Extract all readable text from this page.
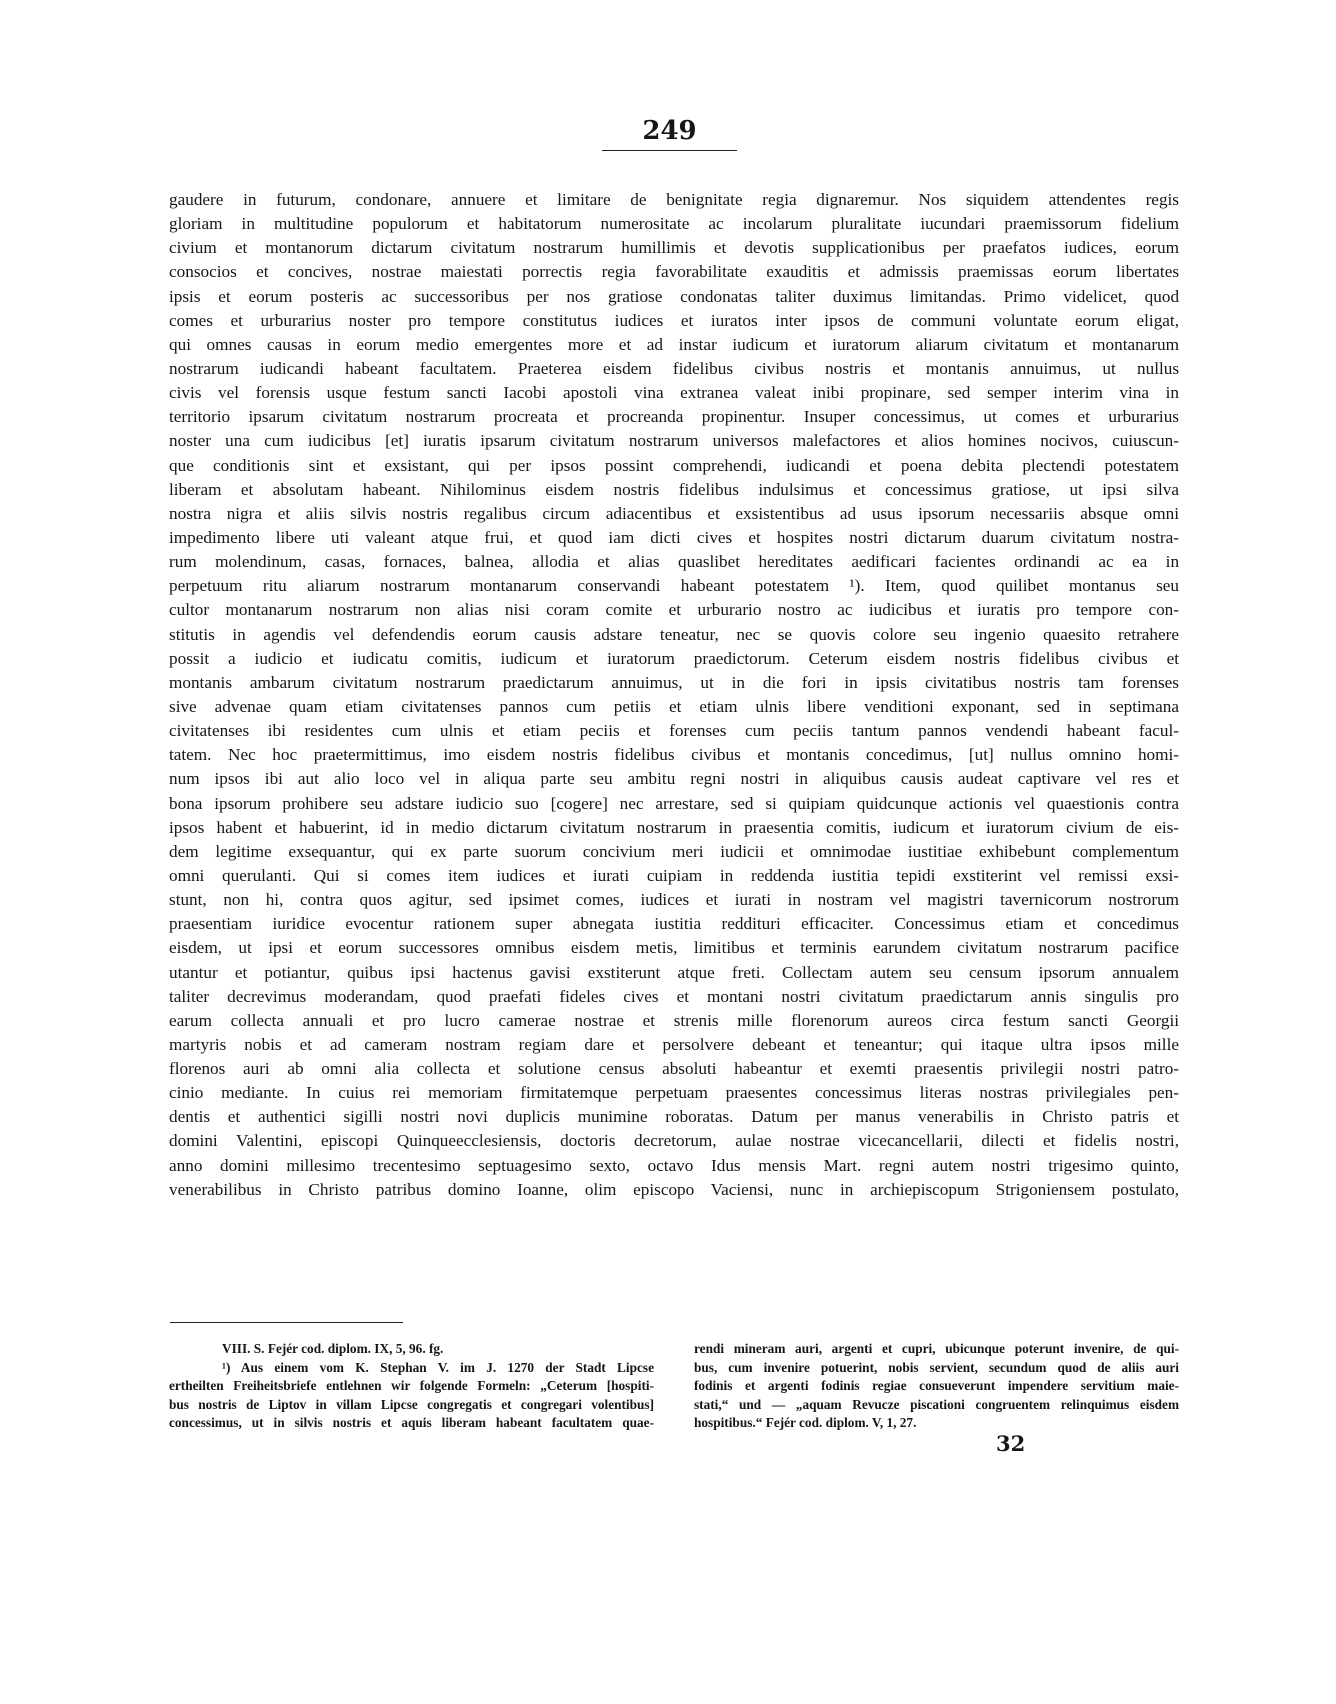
249
gaudere in futurum, condonare, annuere et limitare de benignitate regia dignaremur. Nos siquidem attendentes regis
gloriam in multitudine populorum et habitatorum numerositate ac incolarum pluralitate iucundari praemissorum fidelium
civium et montanorum dictarum civitatum nostrarum humillimis et devotis supplicationibus per praefatos iudices, eorum
consocios et concives, nostrae maiestati porrectis regia favorabilitate exauditis et admissis praemissas eorum libertates
ipsis et eorum posteris ac successoribus per nos gratiose condonatas taliter duximus limitandas. Primo videlicet, quod
comes et urburarius noster pro tempore constitutus iudices et iuratos inter ipsos de communi voluntate eorum eligat,
qui omnes causas in eorum medio emergentes more et ad instar iudicum et iuratorum aliarum civitatum et montanarum
nostrarum iudicandi habeant facultatem. Praeterea eisdem fidelibus civibus nostris et montanis annuimus, ut nullus
civis vel forensis usque festum sancti Iacobi apostoli vina extranea valeat inibi propinare, sed semper interim vina in
territorio ipsarum civitatum nostrarum procreata et procreanda propinentur. Insuper concessimus, ut comes et urburarius
noster una cum iudicibus [et] iuratis ipsarum civitatum nostrarum universos malefactores et alios homines nocivos, cuiuscun-
que conditionis sint et exsistant, qui per ipsos possint comprehendi, iudicandi et poena debita plectendi potestatem
liberam et absolutam habeant. Nihilominus eisdem nostris fidelibus indulsimus et concessimus gratiose, ut ipsi silva
nostra nigra et aliis silvis nostris regalibus circum adiacentibus et exsistentibus ad usus ipsorum necessariis absque omni
impedimento libere uti valeant atque frui, et quod iam dicti cives et hospites nostri dictarum duarum civitatum nostra-
rum molendinum, casas, fornaces, balnea, allodia et alias quaslibet hereditates aedificari facientes ordinandi ac ea in
perpetuum ritu aliarum nostrarum montanarum conservandi habeant potestatem ¹). Item, quod quilibet montanus seu
cultor montanarum nostrarum non alias nisi coram comite et urburario nostro ac iudicibus et iuratis pro tempore con-
stitutis in agendis vel defendendis eorum causis adstare teneatur, nec se quovis colore seu ingenio quaesito retrahere
possit a iudicio et iudicatu comitis, iudicum et iuratorum praedictorum. Ceterum eisdem nostris fidelibus civibus et
montanis ambarum civitatum nostrarum praedictarum annuimus, ut in die fori in ipsis civitatibus nostris tam forenses
sive advenae quam etiam civitatenses pannos cum petiis et etiam ulnis libere venditioni exponant, sed in septimana
civitatenses ibi residentes cum ulnis et etiam peciis et forenses cum peciis tantum pannos vendendi habeant facul-
tatem. Nec hoc praetermittimus, imo eisdem nostris fidelibus civibus et montanis concedimus, [ut] nullus omnino homi-
num ipsos ibi aut alio loco vel in aliqua parte seu ambitu regni nostri in aliquibus causis audeat captivare vel res et
bona ipsorum prohibere seu adstare iudicio suo [cogere] nec arrestare, sed si quipiam quidcunque actionis vel quaestionis contra
ipsos habent et habuerint, id in medio dictarum civitatum nostrarum in praesentia comitis, iudicum et iuratorum civium de eis-
dem legitime exsequantur, qui ex parte suorum concivium meri iudicii et omnimodae iustitiae exhibebunt complementum
omni querulanti. Qui si comes item iudices et iurati cuipiam in reddenda iustitia tepidi exstiterint vel remissi exsi-
stunt, non hi, contra quos agitur, sed ipsimet comes, iudices et iurati in nostram vel magistri tavernicorum nostrorum
praesentiam iuridice evocentur rationem super abnegata iustitia reddituri efficaciter. Concessimus etiam et concedimus
eisdem, ut ipsi et eorum successores omnibus eisdem metis, limitibus et terminis earundem civitatum nostrarum pacifice
utantur et potiantur, quibus ipsi hactenus gavisi exstiterunt atque freti. Collectam autem seu censum ipsorum annualem
taliter decrevimus moderandam, quod praefati fideles cives et montani nostri civitatum praedictarum annis singulis pro
earum collecta annuali et pro lucro camerae nostrae et strenis mille florenorum aureos circa festum sancti Georgii
martyris nobis et ad cameram nostram regiam dare et persolvere debeant et teneantur; qui itaque ultra ipsos mille
florenos auri ab omni alia collecta et solutione census absoluti habeantur et exemti praesentis privilegii nostri patro-
cinio mediante. In cuius rei memoriam firmitatemque perpetuam praesentes concessimus literas nostras privilegiales pen-
dentis et authentici sigilli nostri novi duplicis munimine roboratas. Datum per manus venerabilis in Christo patris et
domini Valentini, episcopi Quinqueecclesiensis, doctoris decretorum, aulae nostrae vicecancellarii, dilecti et fidelis nostri,
anno domini millesimo trecentesimo septuagesimo sexto, octavo Idus mensis Mart. regni autem nostri trigesimo quinto,
venerabilibus in Christo patribus domino Ioanne, olim episcopo Vaciensi, nunc in archiepiscopum Strigoniensem postulato,
VIII. S. Fejér cod. diplom. IX, 5, 96. fg.
¹) Aus einem vom K. Stephan V. im J. 1270 der Stadt Lipcse
ertheilten Freiheitsbriefe entlehnen wir folgende Formeln: „Ceterum [hospiti-
bus nostris de Liptov in villam Lipcse congregatis et congregari volentibus]
concessimus, ut in silvis nostris et aquis liberam habeant facultatem quae-
rendi mineram auri, argenti et cupri, ubicunque poterunt invenire, de qui-
bus, cum invenire potuerint, nobis servient, secundum quod de aliis auri
fodinis et argenti fodinis regiae consueverunt impendere servitium maie-
stati,“ und — „aquam Revucze piscationi congruentem relinquimus eisdem
hospitibus.“ Fejér cod. diplom. V, 1, 27.
32
